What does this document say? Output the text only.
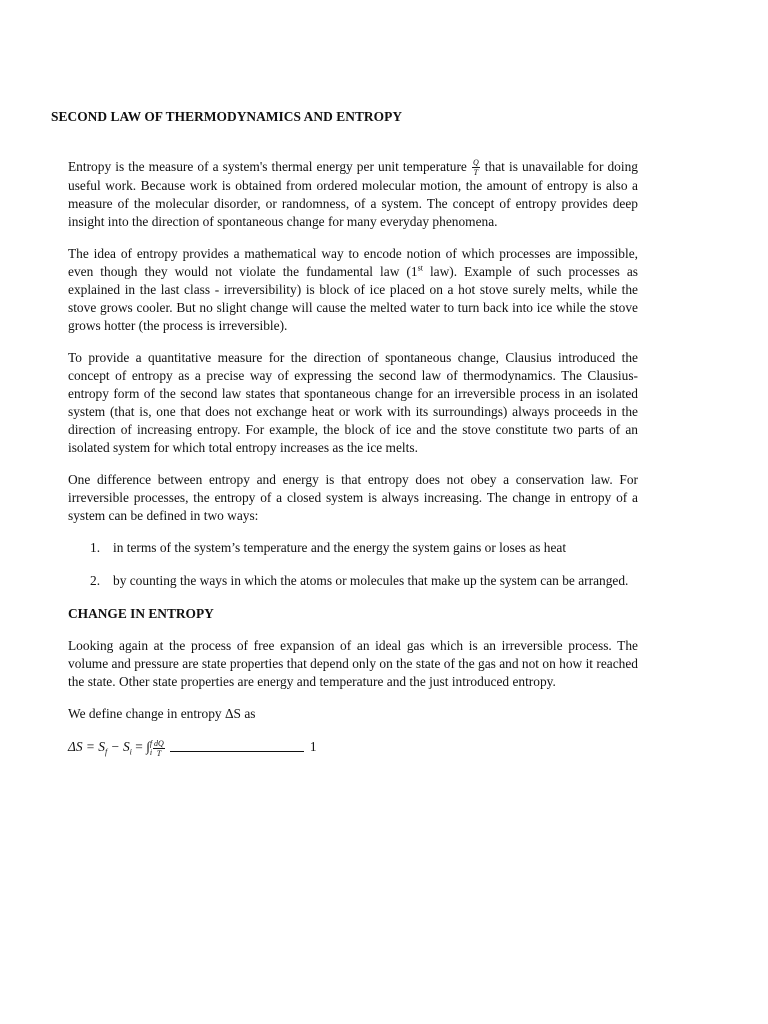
SECOND LAW OF THERMODYNAMICS AND ENTROPY

Entropy is the measure of a system's thermal energy per unit temperature $\frac{Q}{T}$ that is unavailable for doing useful work. Because work is obtained from ordered molecular motion, the amount of entropy is also a measure of the molecular disorder, or randomness, of a system. The concept of entropy provides deep insight into the direction of spontaneous change for many everyday phenomena.

The idea of entropy provides a mathematical way to encode notion of which processes are impossible, even though they would not violate the fundamental law (1st law). Example of such processes as explained in the last class - irreversibility) is block of ice placed on a hot stove surely melts, while the stove grows cooler. But no slight change will cause the melted water to turn back into ice while the stove grows hotter (the process is irreversible).

To provide a quantitative measure for the direction of spontaneous change, Clausius introduced the concept of entropy as a precise way of expressing the second law of thermodynamics. The Clausius-entropy form of the second law states that spontaneous change for an irreversible process in an isolated system (that is, one that does not exchange heat or work with its surroundings) always proceeds in the direction of increasing entropy. For example, the block of ice and the stove constitute two parts of an isolated system for which total entropy increases as the ice melts.

One difference between entropy and energy is that entropy does not obey a conservation law. For irreversible processes, the entropy of a closed system is always increasing. The change in entropy of a system can be defined in two ways:

1. in terms of the system’s temperature and the energy the system gains or loses as heat
2. by counting the ways in which the atoms or molecules that make up the system can be arranged.
CHANGE IN ENTROPY

Looking again at the process of free expansion of an ideal gas which is an irreversible process. The volume and pressure are state properties that depend only on the state of the gas and not on how it reached the state. Other state properties are energy and temperature and the just introduced entropy.

We define change in entropy ΔS as

$\Delta S = S_f - S_i$ = ∫ f
i $\frac{dQ}{T}$	1
